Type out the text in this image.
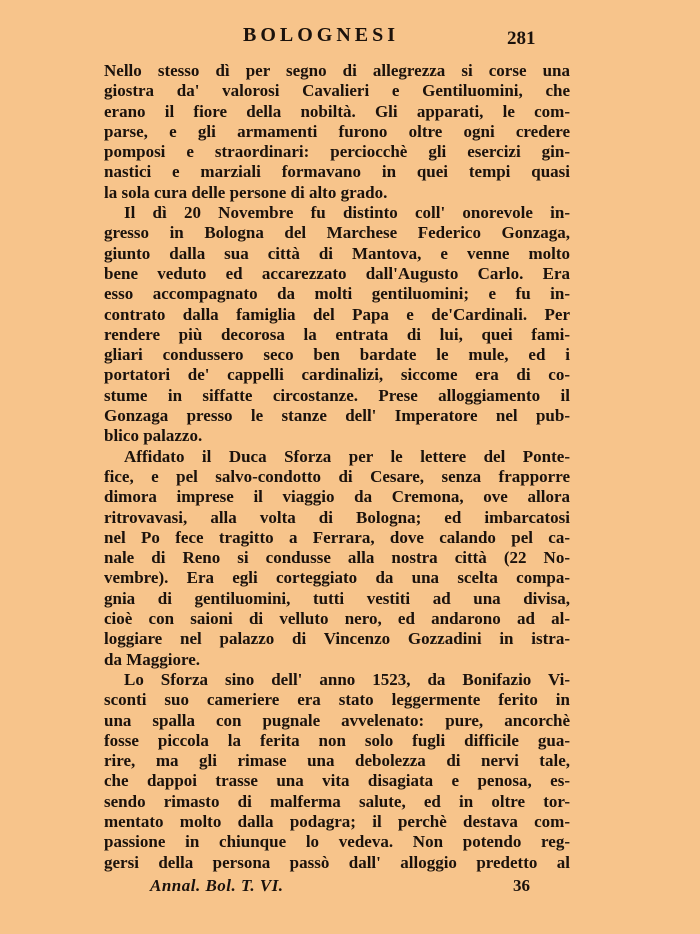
BOLOGNESI	281
Nello stesso dì per segno di allegrezza si corse una
giostra da' valorosi Cavalieri e Gentiluomini, che
erano il fiore della nobiltà. Gli apparati, le com-
parse, e gli armamenti furono oltre ogni credere
pomposi e straordinari: perciocchè gli esercizi gin-
nastici e marziali formavano in quei tempi quasi
la sola cura delle persone di alto grado.
Il dì 20 Novembre fu distinto coll' onorevole in-
gresso in Bologna del Marchese Federico Gonzaga,
giunto dalla sua città di Mantova, e venne molto
bene veduto ed accarezzato dall'Augusto Carlo. Era
esso accompagnato da molti gentiluomini; e fu in-
contrato dalla famiglia del Papa e de'Cardinali. Per
rendere più decorosa la entrata di lui, quei fami-
gliari condussero seco ben bardate le mule, ed i
portatori de' cappelli cardinalizi, siccome era di co-
stume in siffatte circostanze. Prese alloggiamento il
Gonzaga presso le stanze dell' Imperatore nel pub-
blico palazzo.
Affidato il Duca Sforza per le lettere del Ponte-
fice, e pel salvo-condotto di Cesare, senza frapporre
dimora imprese il viaggio da Cremona, ove allora
ritrovavasi, alla volta di Bologna; ed imbarcatosi
nel Po fece tragitto a Ferrara, dove calando pel ca-
nale di Reno si condusse alla nostra città (22 No-
vembre). Era egli corteggiato da una scelta compa-
gnia di gentiluomini, tutti vestiti ad una divisa,
cioè con saioni di velluto nero, ed andarono ad al-
loggiare nel palazzo di Vincenzo Gozzadini in istra-
da Maggiore.
Lo Sforza sino dell' anno 1523, da Bonifazio Vi-
sconti suo cameriere era stato leggermente ferito in
una spalla con pugnale avvelenato: pure, ancorchè
fosse piccola la ferita non solo fugli difficile gua-
rire, ma gli rimase una debolezza di nervi tale,
che dappoi trasse una vita disagiata e penosa, es-
sendo rimasto di malferma salute, ed in oltre tor-
mentato molto dalla podagra; il perchè destava com-
passione in chiunque lo vedeva. Non potendo reg-
gersi della persona passò dall' alloggio predetto al
Annal. Bol. T. VI.	36
